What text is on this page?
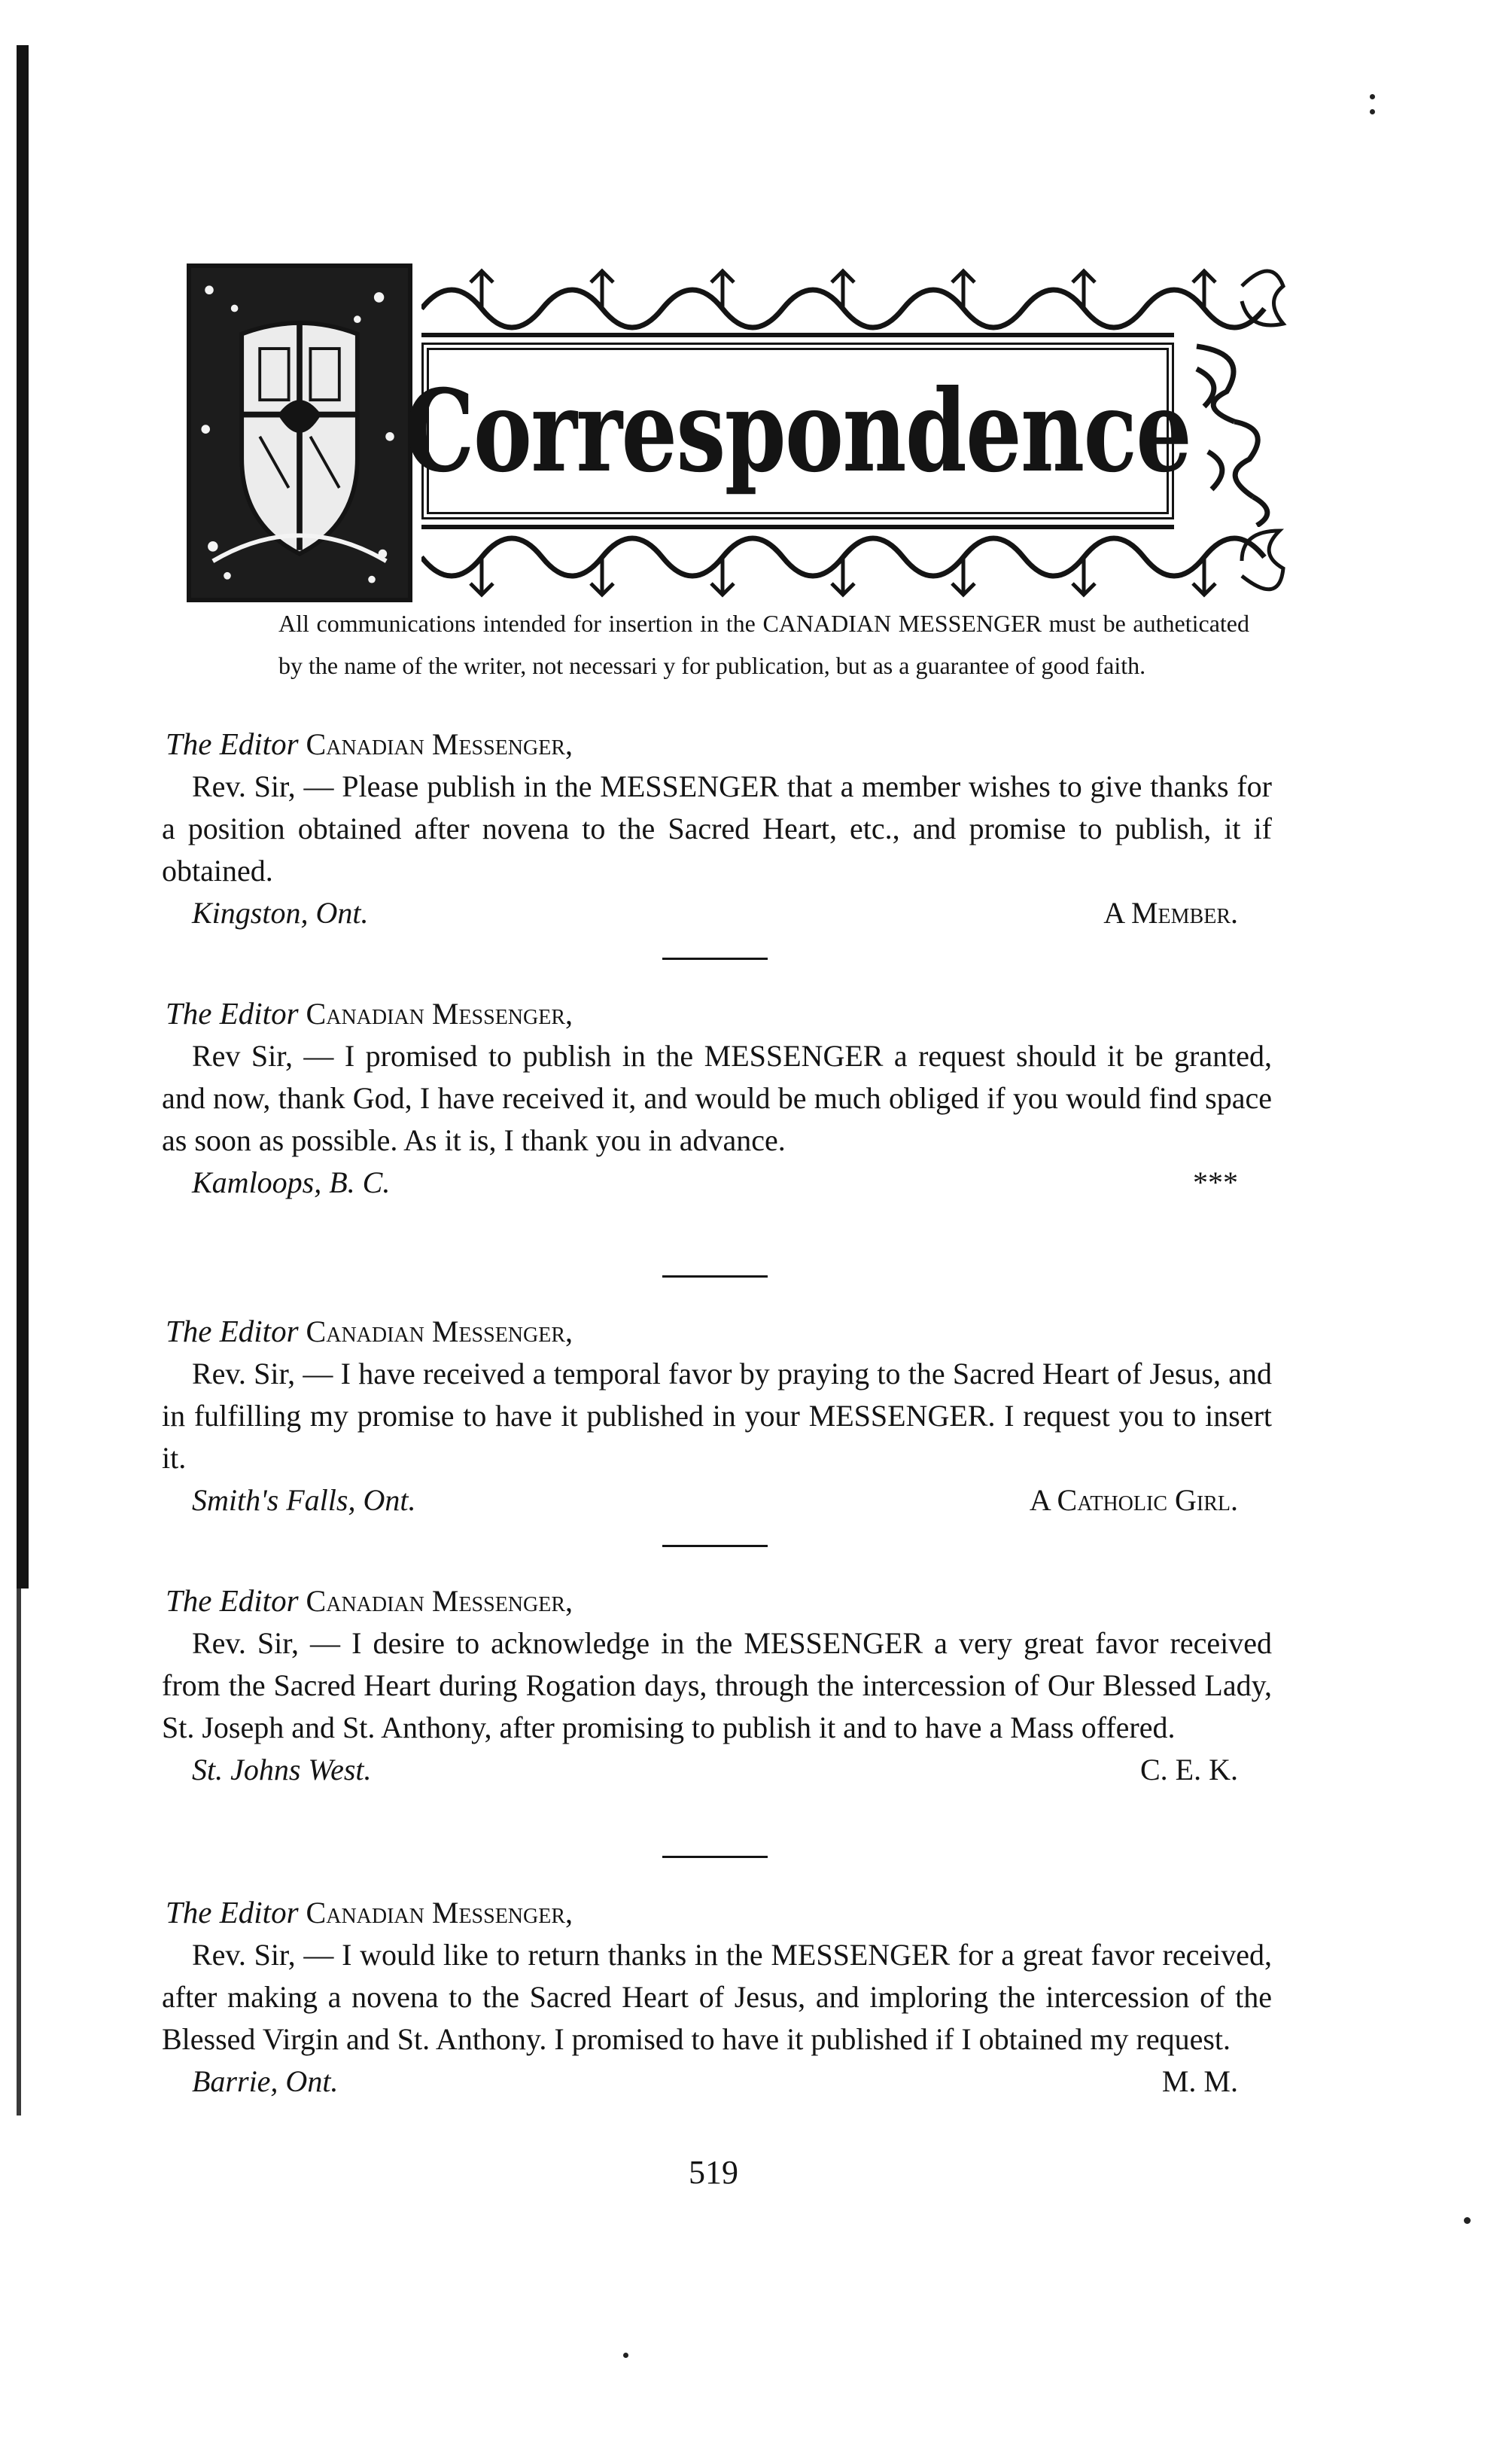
Correspondence
All communications intended for insertion in the CANADIAN MESSENGER must be autheticated by the name of the writer, not necessari y for publication, but as a guarantee of good faith.
The Editor Canadian Messenger,
Rev. Sir, — Please publish in the MESSENGER that a member wishes to give thanks for a position obtained after novena to the Sacred Heart, etc., and promise to publish, it if obtained.
Kingston, Ont.	A Member.
The Editor Canadian Messenger,
Rev Sir, — I promised to publish in the MESSENGER a request should it be granted, and now, thank God, I have received it, and would be much obliged if you would find space as soon as possible. As it is, I thank you in advance.
Kamloops, B. C.	***
The Editor Canadian Messenger,
Rev. Sir, — I have received a temporal favor by praying to the Sacred Heart of Jesus, and in fulfilling my promise to have it published in your MESSENGER. I request you to insert it.
Smith's Falls, Ont.	A Catholic Girl.
The Editor Canadian Messenger,
Rev. Sir, — I desire to acknowledge in the MESSENGER a very great favor received from the Sacred Heart during Rogation days, through the intercession of Our Blessed Lady, St. Joseph and St. Anthony, after promising to publish it and to have a Mass offered.
St. Johns West.	C. E. K.
The Editor Canadian Messenger,
Rev. Sir, — I would like to return thanks in the MESSENGER for a great favor received, after making a novena to the Sacred Heart of Jesus, and imploring the intercession of the Blessed Virgin and St. Anthony. I promised to have it published if I obtained my request.
Barrie, Ont.	M. M.
519
